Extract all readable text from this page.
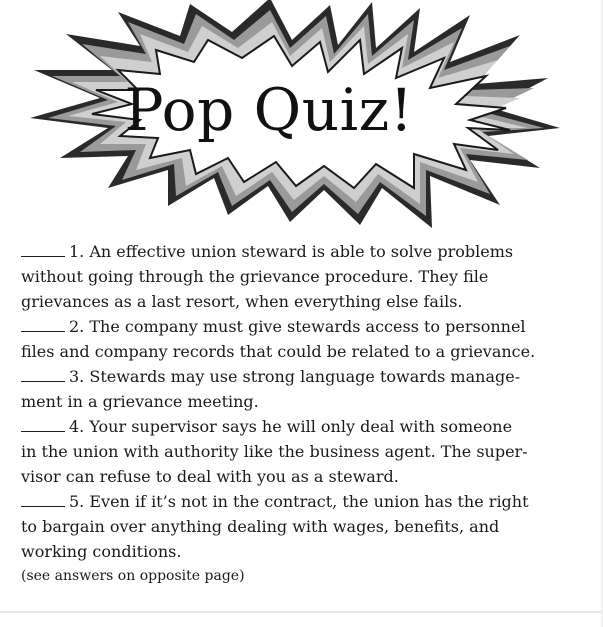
Pop Quiz!
1. An effective union steward is able to solve problems
without going through the grievance procedure. They file
grievances as a last resort, when everything else fails.
2. The company must give stewards access to personnel
files and company records that could be related to a grievance.
3. Stewards may use strong language towards manage-
ment in a grievance meeting.
4. Your supervisor says he will only deal with someone
in the union with authority like the business agent. The super-
visor can refuse to deal with you as a steward.
5. Even if it’s not in the contract, the union has the right
to bargain over anything dealing with wages, benefits, and
working conditions.
(see answers on opposite page)
